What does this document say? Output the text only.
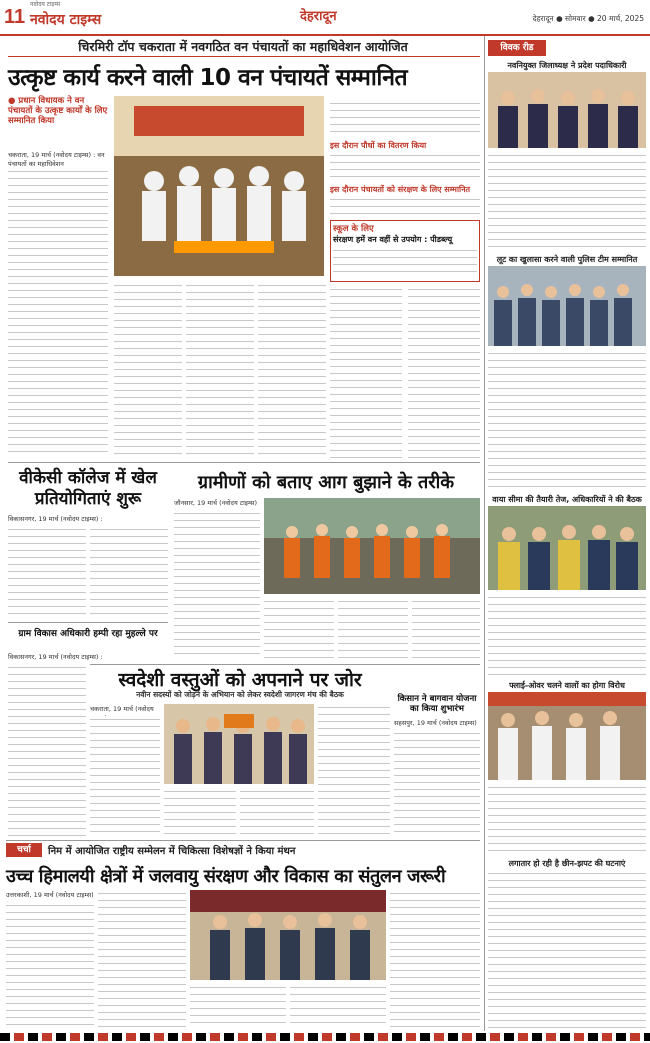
11
नवोदय टाइम्स
नवोदय टाइम्स	देहरादून	देहरादून ● सोमवार ● 20 मार्च, 2025
चिरमिरी टॉप चकराता में नवगठित वन पंचायतों का महाधिवेशन आयोजित
उत्कृष्ट कार्य करने वाली 10 वन पंचायतें सम्मानित
● प्रधान विधायक ने वन पंचायतों के उत्कृष्ट कार्यों के लिए सम्मानित किया
चकराता, 19 मार्च (नवोदय टाइम्स) : वन पंचायतों का महाधिवेशन
इस दौरान पौधों का वितरण किया
इस दौरान पंचायतों को संरक्षण के लिए सम्मानित
स्कूल के लिए
संरक्षण हमें वन वहीं से उपयोग : पीडब्ल्यू
वीकेसी कॉलेज में खेल प्रतियोगिताएं शुरू
विकासनगर, 19 मार्च (नवोदय टाइम्स) :
ग्रामीणों को बताए आग बुझाने के तरीके
जौनसार, 19 मार्च (नवोदय टाइम्स)
ग्राम विकास अधिकारी हम्पी रहा मुहल्ले पर
विकासनगर, 19 मार्च (नवोदय टाइम्स) :
स्वदेशी वस्तुओं को अपनाने पर जोर
नवीन सदस्यों को जोड़ने के अभियान को लेकर स्वदेशी जागरण मंच की बैठक
चकराता, 19 मार्च (नवोदय
किसान ने बागवान योजना का किया शुभारंभ
सहसपुर, 19 मार्च (नवोदय टाइम्स)
चर्चा	निम में आयोजित राष्ट्रीय सम्मेलन में चिकित्सा विशेषज्ञों ने किया मंथन
उच्च हिमालयी क्षेत्रों में जलवायु संरक्षण और विकास का संतुलन जरूरी
उत्तरकाशी, 19 मार्च (नवोदय टाइम्स)
विवक रीड
नवनियुक्त जिलाध्यक्ष ने प्रदेश पदाधिकारी
लूट का खुलासा करने वाली पुलिस टीम सम्मानित
वाया सीमा की तैयारी तेज, अधिकारियों ने की बैठक
फ्लाई-ओवर चलने वालों का होगा विरोध
लगातार हो रही है छीन-झपट की घटनाएं
